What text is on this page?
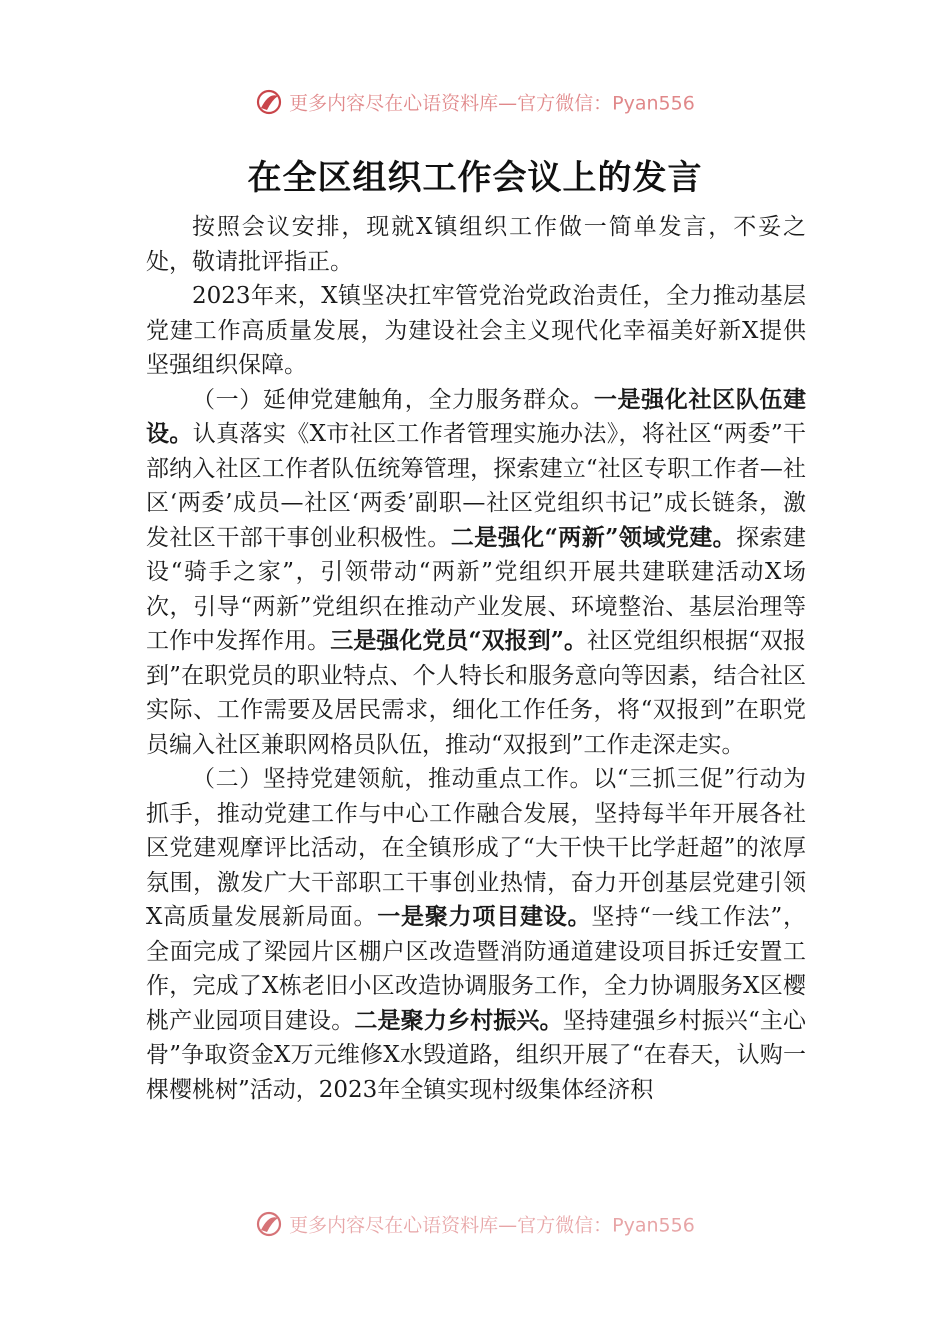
更多内容尽在心语资料库—官方微信：Pyan556
在全区组织工作会议上的发言

按照会议安排，现就X镇组织工作做一简单发言，不妥之处，敬请批评指正。

2023年来，X镇坚决扛牢管党治党政治责任，全力推动基层党建工作高质量发展，为建设社会主义现代化幸福美好新X提供坚强组织保障。

（一）延伸党建触角，全力服务群众。一是强化社区队伍建设。认真落实《X市社区工作者管理实施办法》，将社区“两委”干部纳入社区工作者队伍统筹管理，探索建立“社区专职工作者—社区‘两委’成员—社区‘两委’副职—社区党组织书记”成长链条，激发社区干部干事创业积极性。二是强化“两新”领域党建。探索建设“骑手之家”，引领带动“两新”党组织开展共建联建活动X场次，引导“两新”党组织在推动产业发展、环境整治、基层治理等工作中发挥作用。三是强化党员“双报到”。社区党组织根据“双报到”在职党员的职业特点、个人特长和服务意向等因素，结合社区实际、工作需要及居民需求，细化工作任务，将“双报到”在职党员编入社区兼职网格员队伍，推动“双报到”工作走深走实。

（二）坚持党建领航，推动重点工作。以“三抓三促”行动为抓手，推动党建工作与中心工作融合发展，坚持每半年开展各社区党建观摩评比活动，在全镇形成了“大干快干比学赶超”的浓厚氛围，激发广大干部职工干事创业热情，奋力开创基层党建引领X高质量发展新局面。一是聚力项目建设。坚持“一线工作法”，全面完成了梁园片区棚户区改造暨消防通道建设项目拆迁安置工作，完成了X栋老旧小区改造协调服务工作，全力协调服务X区樱桃产业园项目建设。二是聚力乡村振兴。坚持建强乡村振兴“主心骨”争取资金X万元维修X水毁道路，组织开展了“在春天，认购一棵樱桃树”活动，2023年全镇实现村级集体经济积

更多内容尽在心语资料库—官方微信：Pyan556
